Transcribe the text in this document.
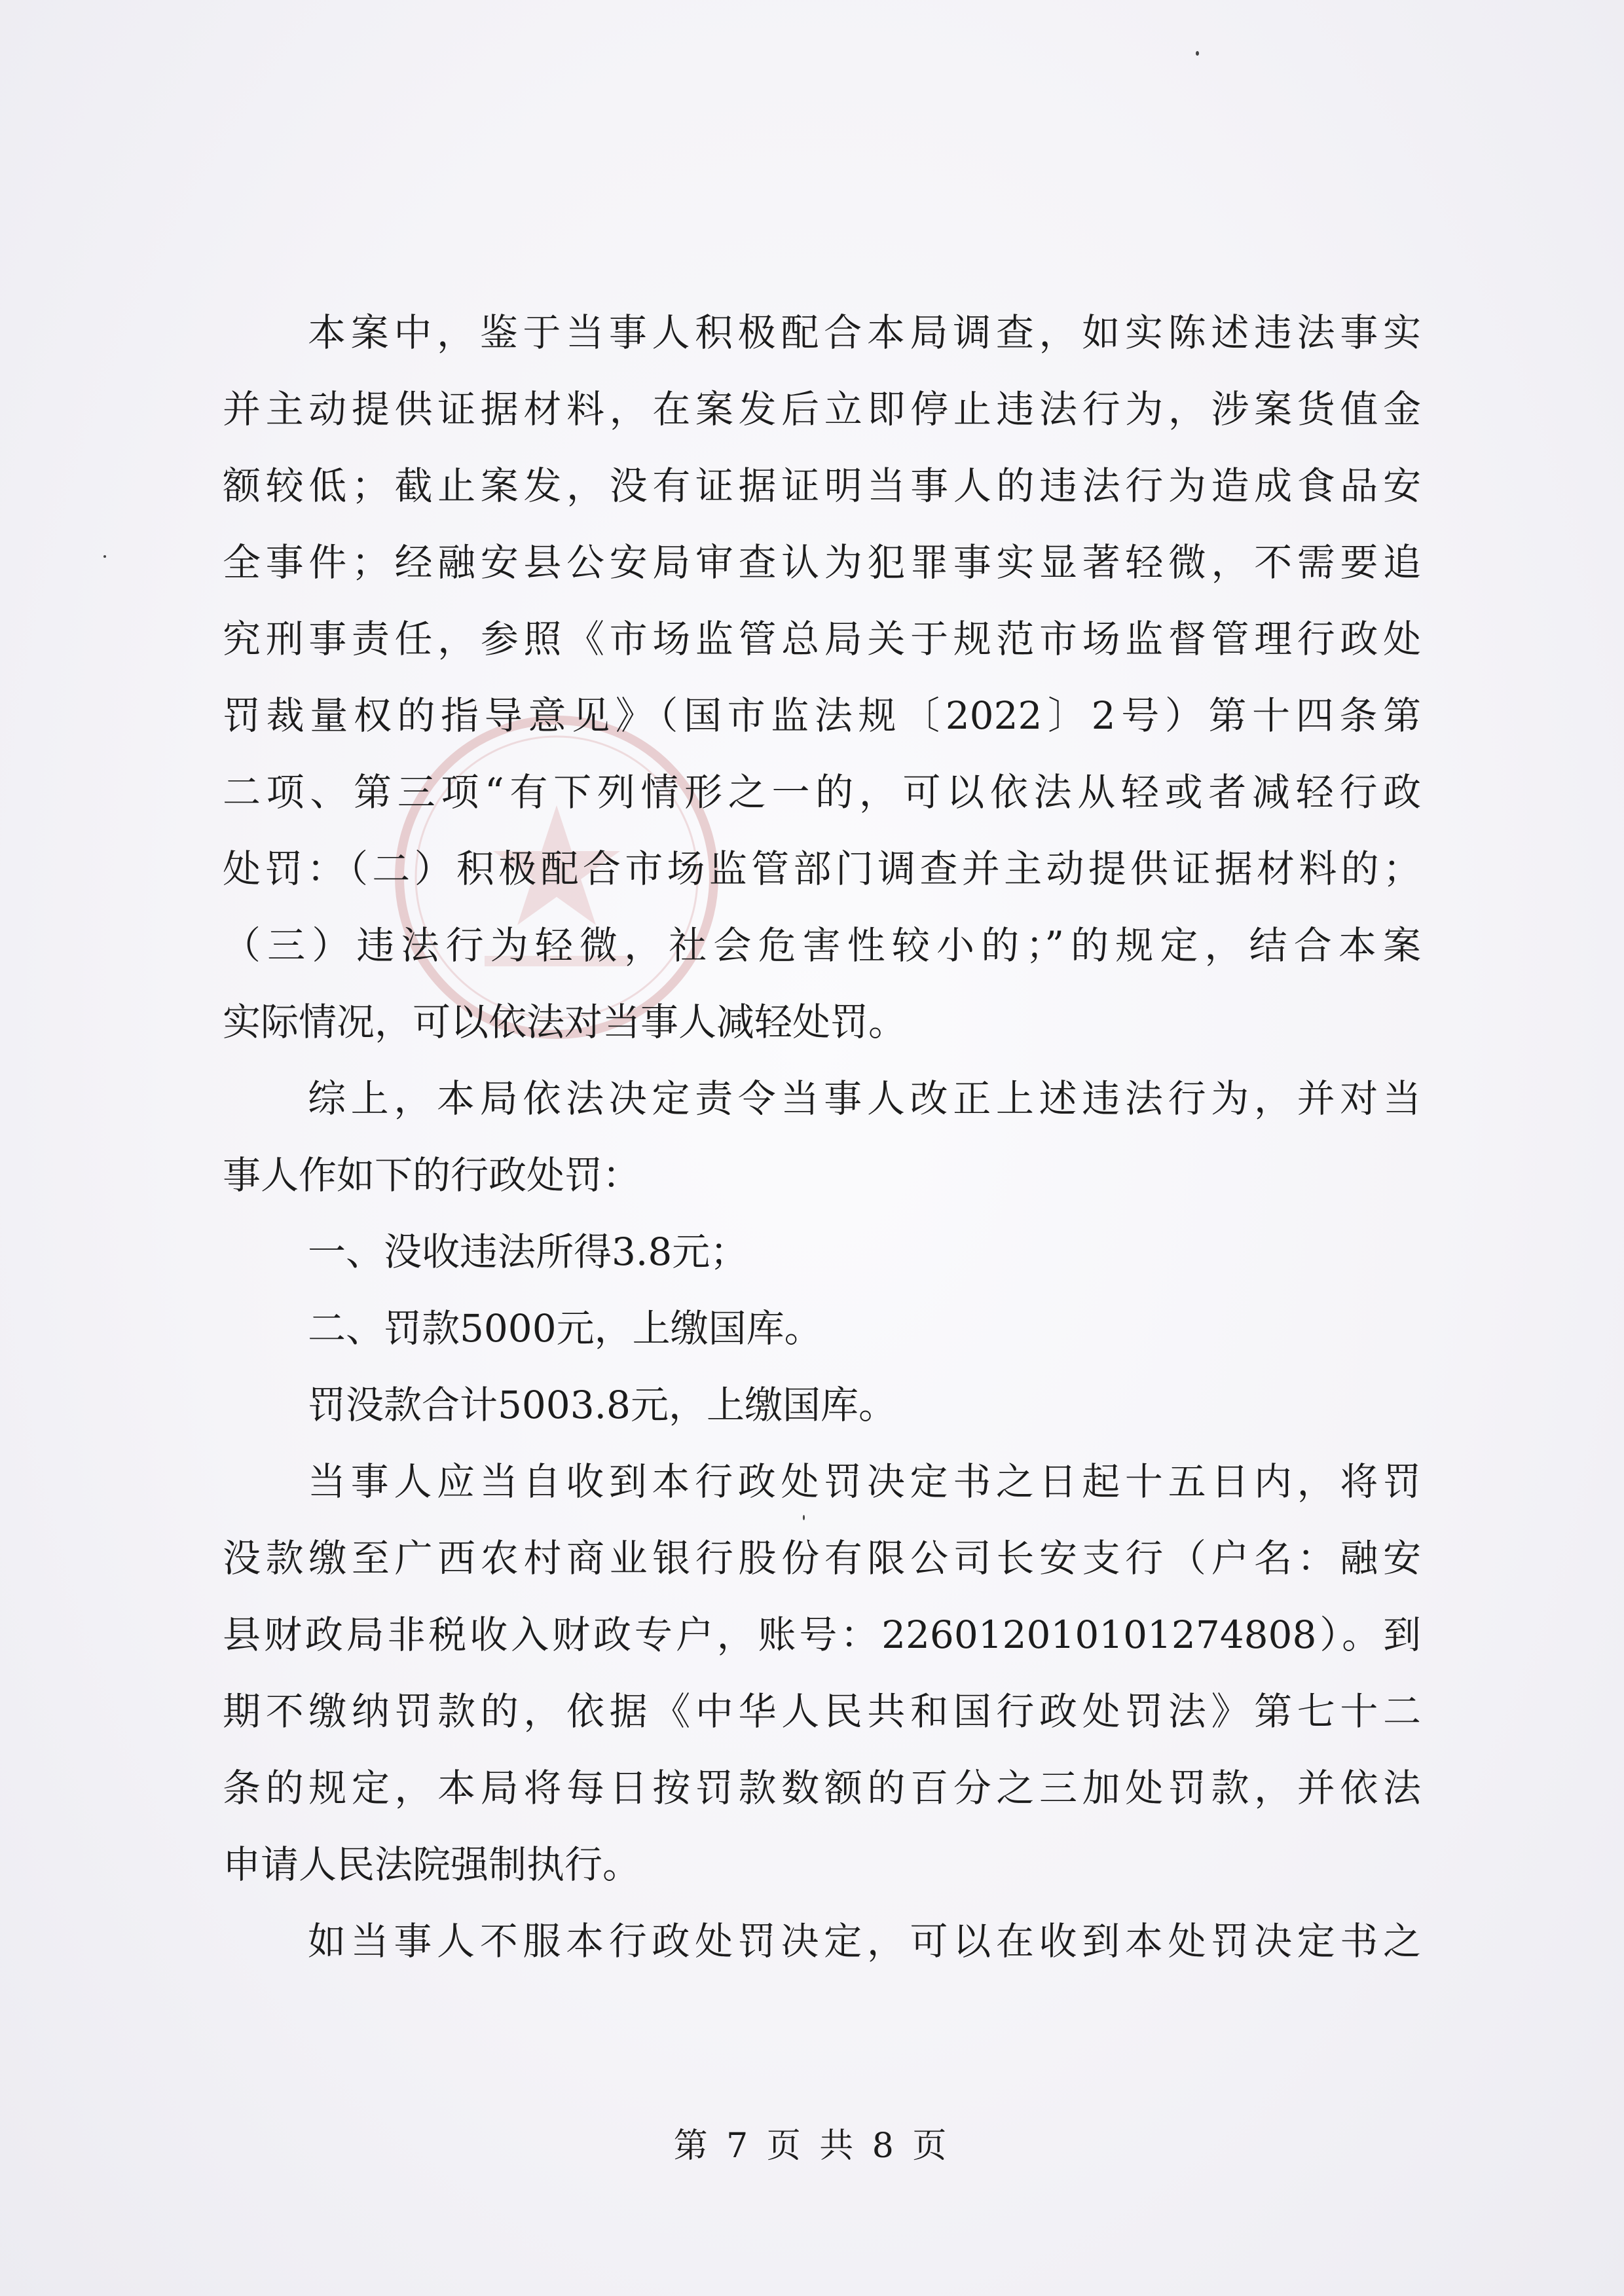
本案中，鉴于当事人积极配合本局调查，如实陈述违法事实
并主动提供证据材料，在案发后立即停止违法行为，涉案货值金
额较低；截止案发，没有证据证明当事人的违法行为造成食品安
全事件；经融安县公安局审查认为犯罪事实显著轻微，不需要追
究刑事责任，参照《市场监管总局关于规范市场监督管理行政处
罚裁量权的指导意见》（国市监法规〔2022〕2号）第十四条第
二项、第三项“有下列情形之一的，可以依法从轻或者减轻行政
处罚：（二）积极配合市场监管部门调查并主动提供证据材料的；
（三）违法行为轻微，社会危害性较小的；”的规定，结合本案
实际情况，可以依法对当事人减轻处罚。
综上，本局依法决定责令当事人改正上述违法行为，并对当
事人作如下的行政处罚：
一、没收违法所得3.8元；
二、罚款5000元，上缴国库。
罚没款合计5003.8元，上缴国库。
当事人应当自收到本行政处罚决定书之日起十五日内，将罚
没款缴至广西农村商业银行股份有限公司长安支行（户名：融安
县财政局非税收入财政专户，账号：226012010101274808）。到
期不缴纳罚款的，依据《中华人民共和国行政处罚法》第七十二
条的规定，本局将每日按罚款数额的百分之三加处罚款，并依法
申请人民法院强制执行。
如当事人不服本行政处罚决定，可以在收到本处罚决定书之
第 7 页 共 8 页
